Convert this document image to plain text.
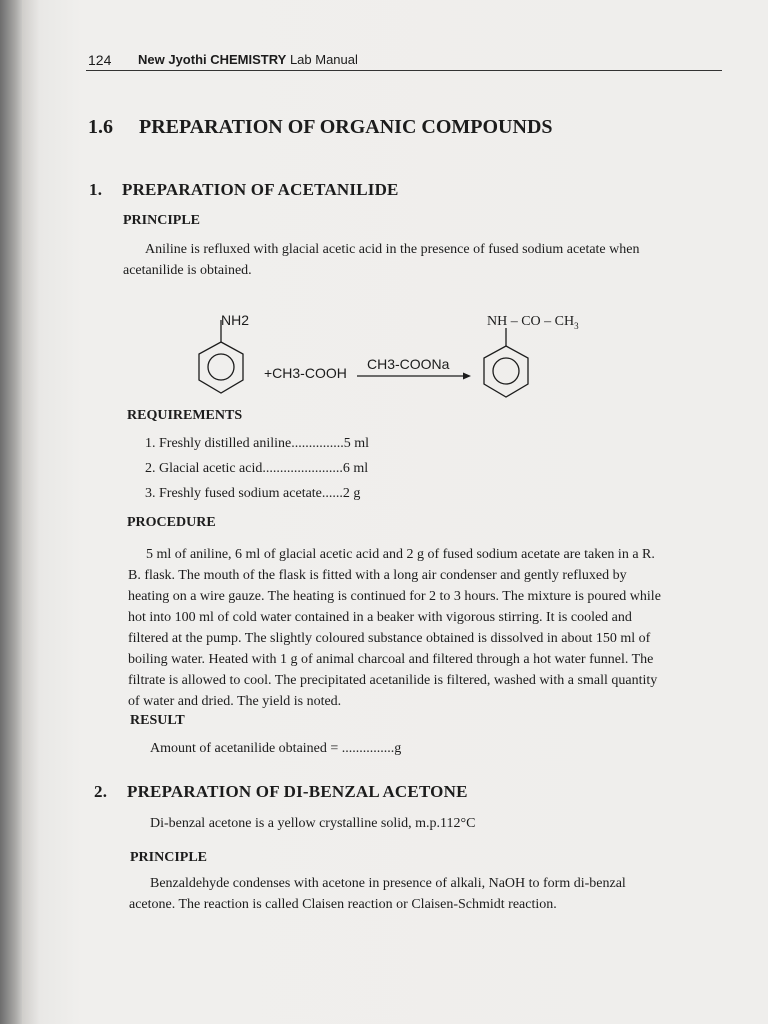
124 New Jyothi CHEMISTRY Lab Manual
1.6 PREPARATION OF ORGANIC COMPOUNDS
1. PREPARATION OF ACETANILIDE
PRINCIPLE
Aniline is refluxed with glacial acetic acid in the presence of fused sodium acetate when
acetanilide is obtained.
NH2
+CH3-COOH
CH3-COONa
NH – CO – $CH_3$
REQUIREMENTS
1. Freshly distilled aniline...............5 ml
2. Glacial acetic acid.......................6 ml
3. Freshly fused sodium acetate......2 g
PROCEDURE
5 ml of aniline, 6 ml of glacial acetic acid and 2 g of fused sodium acetate are taken in a R.
B. flask. The mouth of the flask is fitted with a long air condenser and gently refluxed by
heating on a wire gauze. The heating is continued for 2 to 3 hours. The mixture is poured while
hot into 100 ml of cold water contained in a beaker with vigorous stirring. It is cooled and
filtered at the pump. The slightly coloured substance obtained is dissolved in about 150 ml of
boiling water. Heated with 1 g of animal charcoal and filtered through a hot water funnel. The
filtrate is allowed to cool. The precipitated acetanilide is filtered, washed with a small quantity
of water and dried. The yield is noted.
RESULT
Amount of acetanilide obtained = ...............g
2. PREPARATION OF DI-BENZAL ACETONE
Di-benzal acetone is a yellow crystalline solid, m.p.112°C
PRINCIPLE
Benzaldehyde condenses with acetone in presence of alkali, NaOH to form di-benzal
acetone. The reaction is called Claisen reaction or Claisen-Schmidt reaction.
